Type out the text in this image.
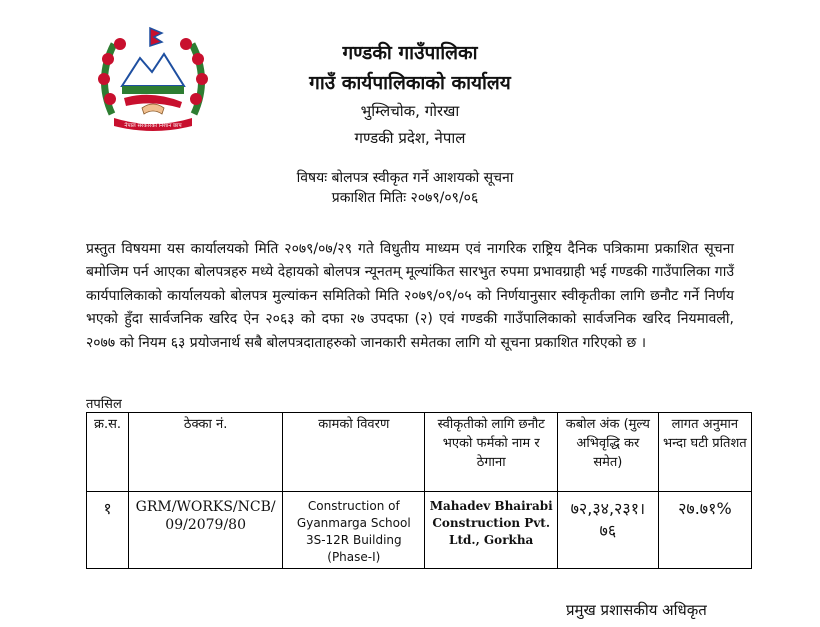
नेपाल सरकारको निशान छाप
गण्डकी गाउँपालिका
गाउँ कार्यपालिकाको कार्यालय
भुम्लिचोक, गोरखा
गण्डकी प्रदेश, नेपाल
विषयः बोलपत्र स्वीकृत गर्ने आशयको सूचना
प्रकाशित मितिः २०७९/०९/०६
प्रस्तुत विषयमा यस कार्यालयको मिति २०७९/०७/२९ गते विधुतीय माध्यम एवं नागरिक राष्ट्रिय दैनिक पत्रिकामा प्रकाशित सूचना बमोजिम पर्न आएका बोलपत्रहरु मध्ये देहायको बोलपत्र न्यूनतम् मूल्यांकित सारभुत रुपमा प्रभावग्राही भई गण्डकी गाउँपालिका गाउँ कार्यपालिकाको कार्यालयको बोलपत्र मुल्यांकन समितिको मिति २०७९/०९/०५ को निर्णयानुसार स्वीकृतीका लागि छनौट गर्ने निर्णय भएको हुँदा सार्वजनिक खरिद ऐन २०६३ को दफा २७ उपदफा (२) एवं गण्डकी गाउँपालिकाको सार्वजनिक खरिद नियमावली, २०७७ को नियम ६३ प्रयोजनार्थ सबै बोलपत्रदाताहरुको जानकारी समेतका लागि यो सूचना प्रकाशित गरिएको छ ।
तपसिल
क्र.स.	ठेक्का नं.	कामको विवरण	स्वीकृतीको लागि छनौट भएको फर्मको नाम र ठेगाना	कबोल अंक (मुल्य अभिवृद्धि कर समेत)	लागत अनुमान भन्दा घटी प्रतिशत
१	GRM/WORKS/NCB/ 09/2079/80	Construction of Gyanmarga School 3S-12R Building (Phase-I)	Mahadev Bhairabi Construction Pvt. Ltd., Gorkha	७२,३४,२३१। ७६	२७.७१%
प्रमुख प्रशासकीय अधिकृत
